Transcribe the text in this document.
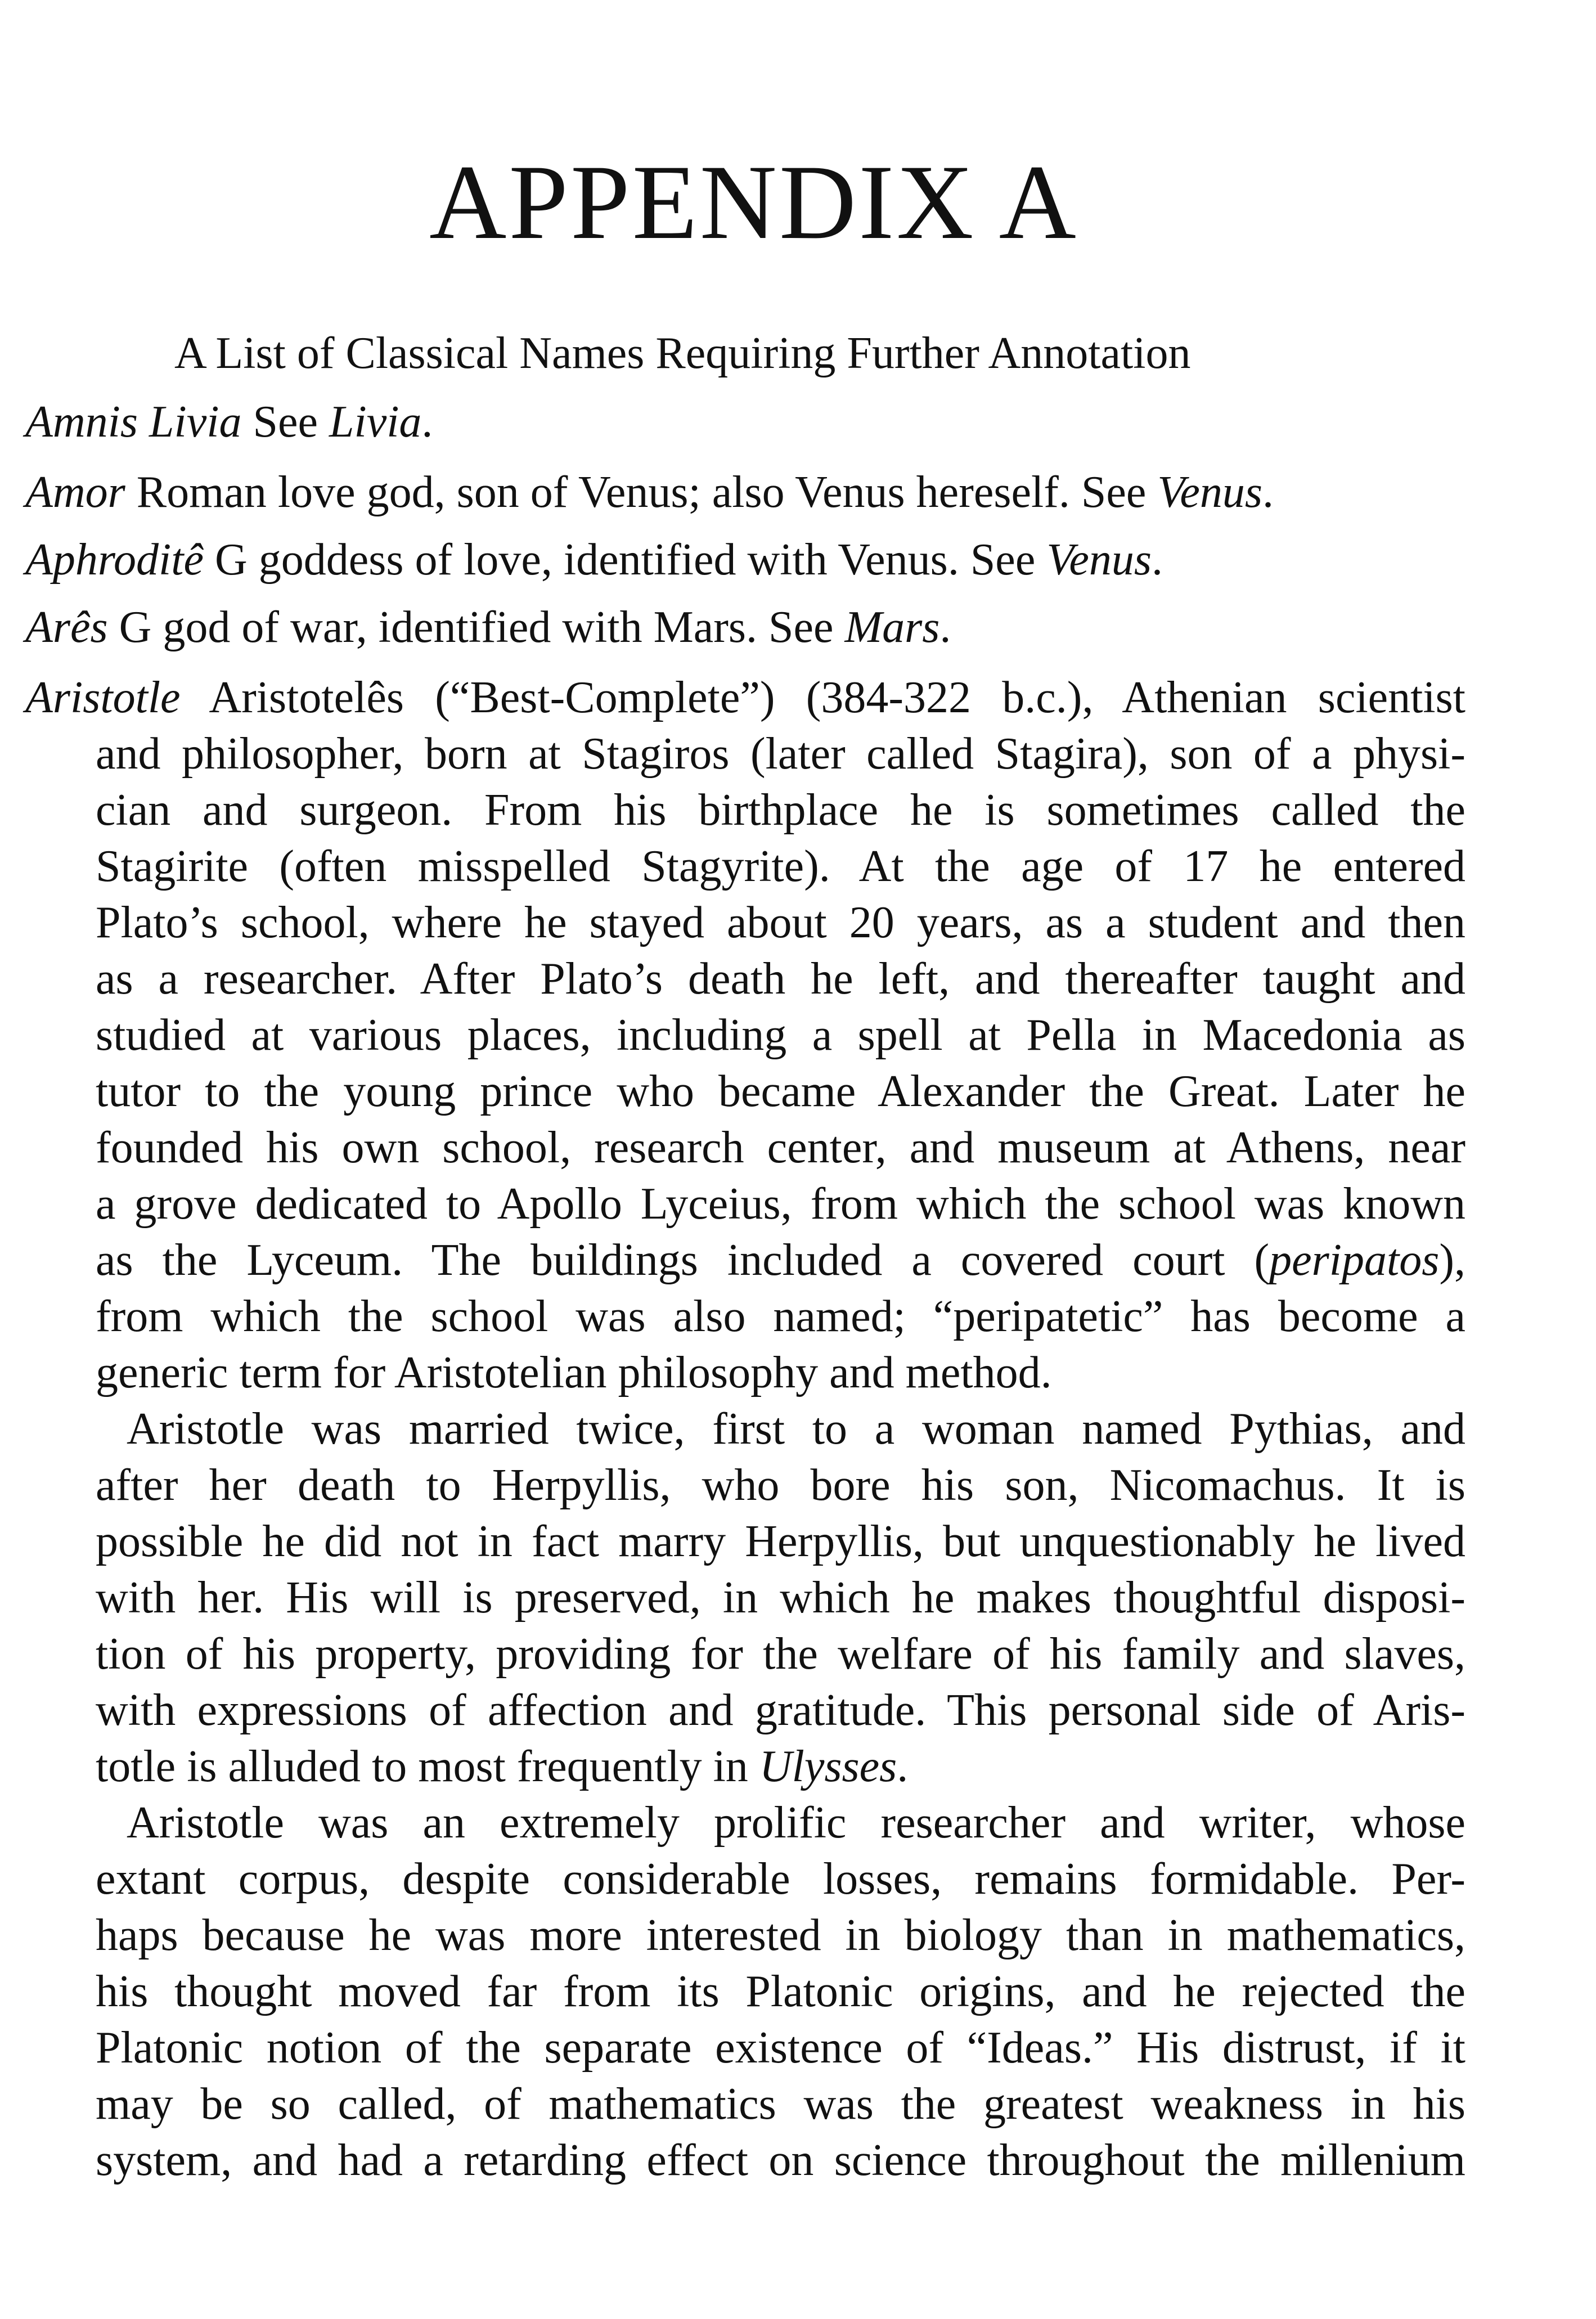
APPENDIX A
A List of Classical Names Requiring Further Annotation
Amnis Livia See Livia.
Amor Roman love god, son of Venus; also Venus hereself. See Venus.
Aphroditê G goddess of love, identified with Venus. See Venus.
Arês G god of war, identified with Mars. See Mars.
Aristotle Aristotelês (“Best-Complete”) (384-322 b.c.), Athenian scientist
and philosopher, born at Stagiros (later called Stagira), son of a physi-
cian and surgeon. From his birthplace he is sometimes called the
Stagirite (often misspelled Stagyrite). At the age of 17 he entered
Plato’s school, where he stayed about 20 years, as a student and then
as a researcher. After Plato’s death he left, and thereafter taught and
studied at various places, including a spell at Pella in Macedonia as
tutor to the young prince who became Alexander the Great. Later he
founded his own school, research center, and museum at Athens, near
a grove dedicated to Apollo Lyceius, from which the school was known
as the Lyceum. The buildings included a covered court (peripatos),
from which the school was also named; “peripatetic” has become a
generic term for Aristotelian philosophy and method.
Aristotle was married twice, first to a woman named Pythias, and
after her death to Herpyllis, who bore his son, Nicomachus. It is
possible he did not in fact marry Herpyllis, but unquestionably he lived
with her. His will is preserved, in which he makes thoughtful disposi-
tion of his property, providing for the welfare of his family and slaves,
with expressions of affection and gratitude. This personal side of Aris-
totle is alluded to most frequently in Ulysses.
Aristotle was an extremely prolific researcher and writer, whose
extant corpus, despite considerable losses, remains formidable. Per-
haps because he was more interested in biology than in mathematics,
his thought moved far from its Platonic origins, and he rejected the
Platonic notion of the separate existence of “Ideas.” His distrust, if it
may be so called, of mathematics was the greatest weakness in his
system, and had a retarding effect on science throughout the millenium
